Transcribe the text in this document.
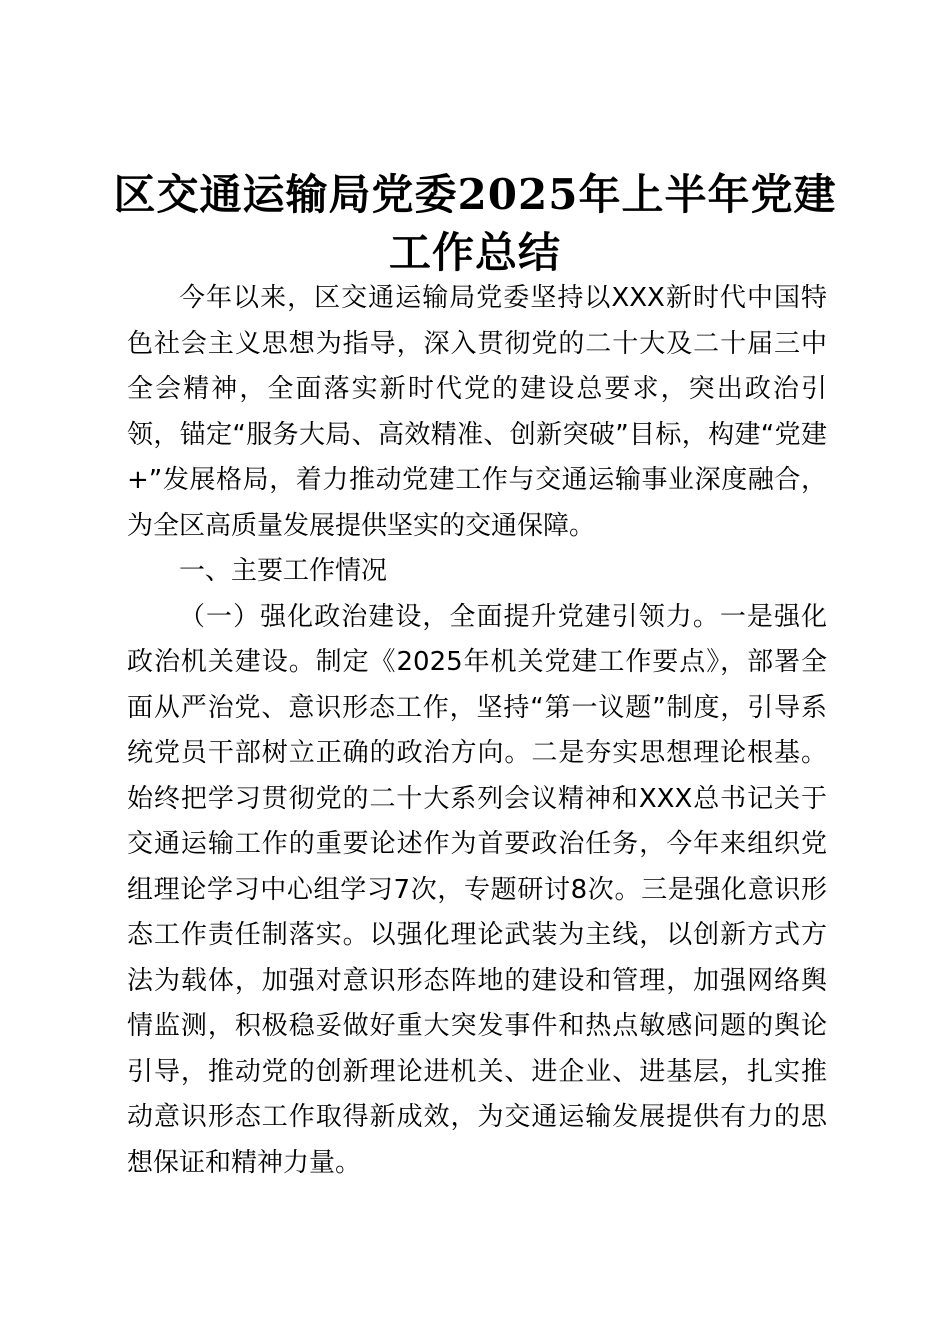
区交通运输局党委2025年上半年党建工作总结

今年以来，区交通运输局党委坚持以XXX新时代中国特色社会主义思想为指导，深入贯彻党的二十大及二十届三中全会精神，全面落实新时代党的建设总要求，突出政治引领，锚定“服务大局、高效精准、创新突破”目标，构建“党建+”发展格局，着力推动党建工作与交通运输事业深度融合，为全区高质量发展提供坚实的交通保障。

一、主要工作情况

（一）强化政治建设，全面提升党建引领力。一是强化政治机关建设。制定《2025年机关党建工作要点》，部署全面从严治党、意识形态工作，坚持“第一议题”制度，引导系统党员干部树立正确的政治方向。二是夯实思想理论根基。始终把学习贯彻党的二十大系列会议精神和XXX总书记关于交通运输工作的重要论述作为首要政治任务，今年来组织党组理论学习中心组学习7次，专题研讨8次。三是强化意识形态工作责任制落实。以强化理论武装为主线，以创新方式方法为载体，加强对意识形态阵地的建设和管理，加强网络舆情监测，积极稳妥做好重大突发事件和热点敏感问题的舆论引导，推动党的创新理论进机关、进企业、进基层，扎实推动意识形态工作取得新成效，为交通运输发展提供有力的思想保证和精神力量。
